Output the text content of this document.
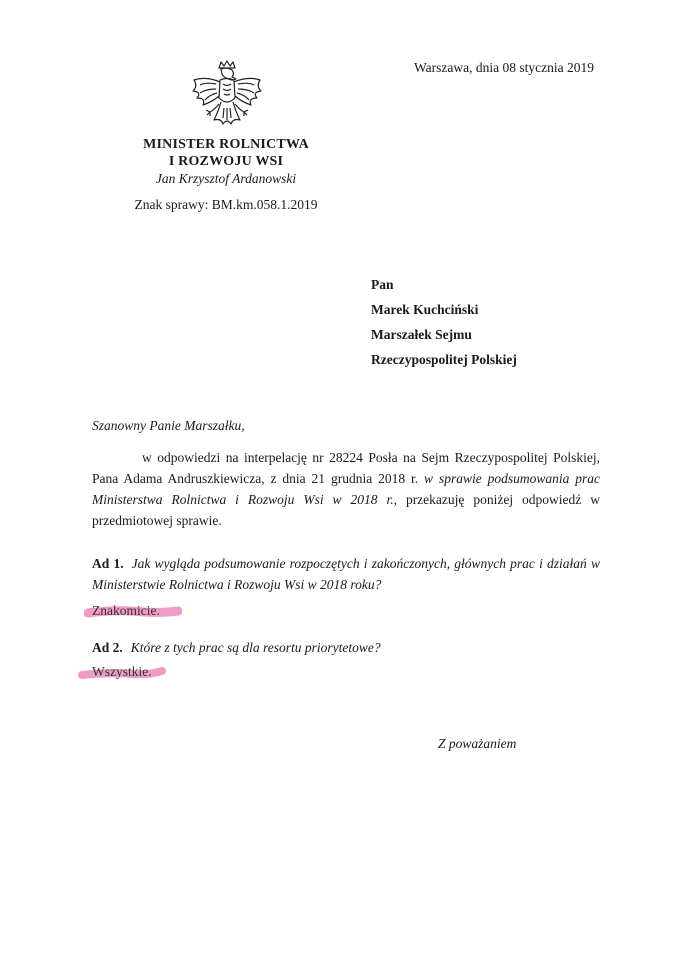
Warszawa, dnia 08 stycznia 2019
MINISTER ROLNICTWA
I ROZWOJU WSI
Jan Krzysztof Ardanowski
Znak sprawy: BM.km.058.1.2019
Pan
Marek Kuchciński
Marszałek Sejmu
Rzeczypospolitej Polskiej
Szanowny Panie Marszałku,
w odpowiedzi na interpelację nr 28224 Posła na Sejm Rzeczypospolitej Polskiej, Pana Adama Andruszkiewicza, z dnia 21 grudnia 2018 r. w sprawie podsumowania prac Ministerstwa Rolnictwa i Rozwoju Wsi w 2018 r., przekazuję poniżej odpowiedź w przedmiotowej sprawie.
Ad 1. Jak wygląda podsumowanie rozpoczętych i zakończonych, głównych prac i działań w Ministerstwie Rolnictwa i Rozwoju Wsi w 2018 roku?
Znakomicie.
Ad 2. Które z tych prac są dla resortu priorytetowe?
Wszystkie.
Z poważaniem
